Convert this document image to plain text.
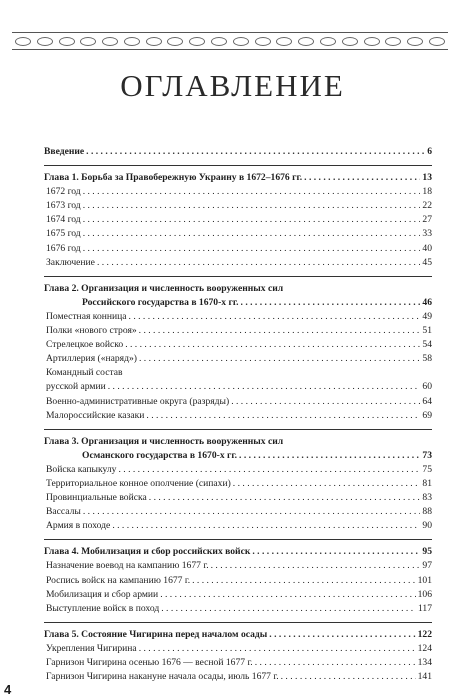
ОГЛАВЛЕНИЕ
Введение . . .	6
Глава 1. Борьба за Правобережную Украину в 1672–1676 гг. . . .	13
1672 год . . .	18
1673 год . . .	22
1674 год . . .	27
1675 год . . .	33
1676 год . . .	40
Заключение . . .	45
Глава 2. Организация и численность вооруженных сил
Российского государства в 1670-х гг. . . .	46
Поместная конница . . .	49
Полки «нового строя» . . .	51
Стрелецкое войско . . .	54
Артиллерия («наряд») . . .	58
Командный состав
русской армии . . .	60
Военно-административные округа (разряды) . . .	64
Малороссийские казаки . . .	69
Глава 3. Организация и численность вооруженных сил
Османского государства в 1670-х гг. . . .	73
Войска капыкулу . . .	75
Территориальное конное ополчение (сипахи) . . .	81
Провинциальные войска . . .	83
Вассалы . . .	88
Армия в походе . . .	90
Глава 4. Мобилизация и сбор российских войск . . .	95
Назначение воевод на кампанию 1677 г. . . .	97
Роспись войск на кампанию 1677 г. . . .	101
Мобилизация и сбор армии . . .	106
Выступление войск в поход . . .	117
Глава 5. Состояние Чигирина перед началом осады . . .	122
Укрепления Чигирина . . .	124
Гарнизон Чигирина осенью 1676 — весной 1677 г. . . .	134
Гарнизон Чигирина накануне начала осады, июль 1677 г. . . .	141
4
